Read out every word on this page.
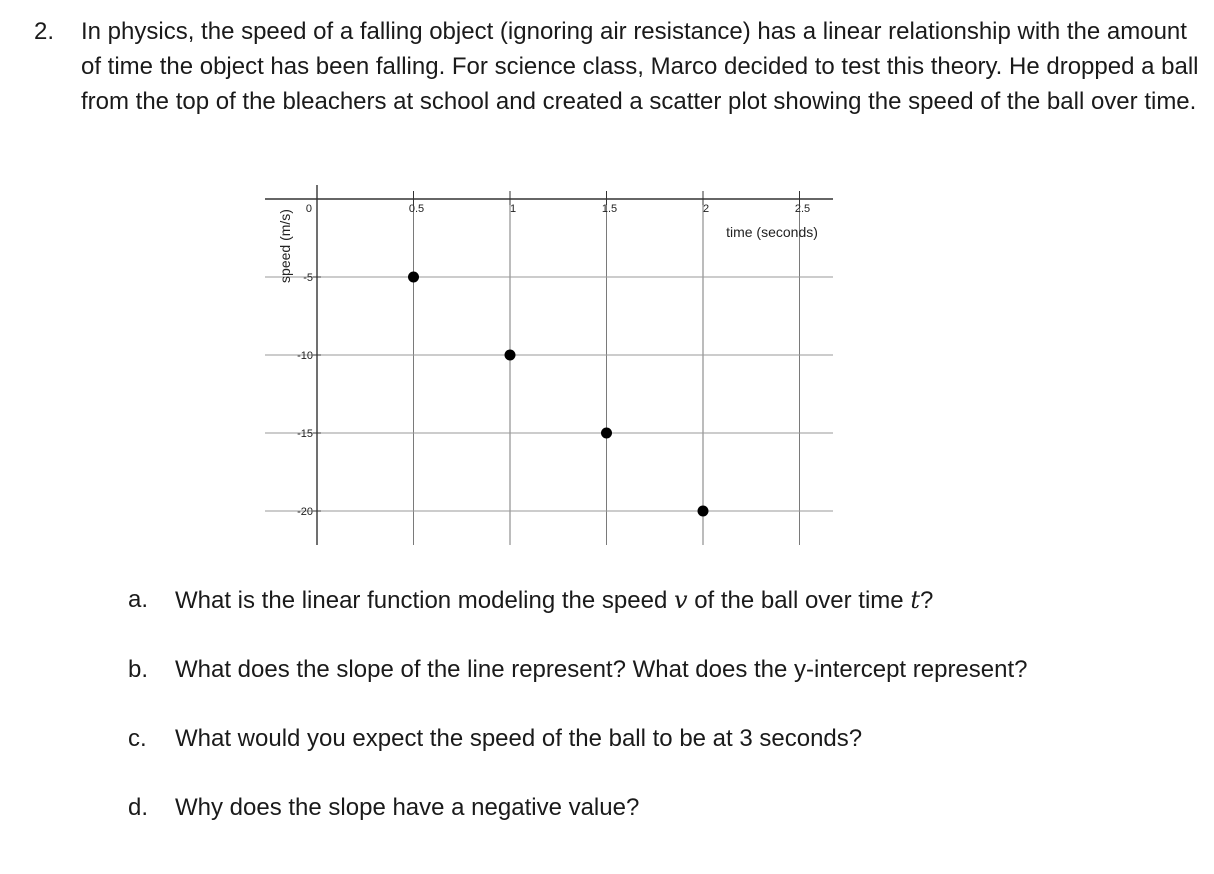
2. In physics, the speed of a falling object (ignoring air resistance) has a linear relationship with the amount of time the object has been falling. For science class, Marco decided to test this theory. He dropped a ball from the top of the bleachers at school and created a scatter plot showing the speed of the ball over time.
0	0.5	1	1.5	2	2.5
-5
-10
-15
-20
time (seconds)
speed (m/s)
a. What is the linear function modeling the speed v of the ball over time t?
b. What does the slope of the line represent? What does the y-intercept represent?
c. What would you expect the speed of the ball to be at 3 seconds?
d. Why does the slope have a negative value?
